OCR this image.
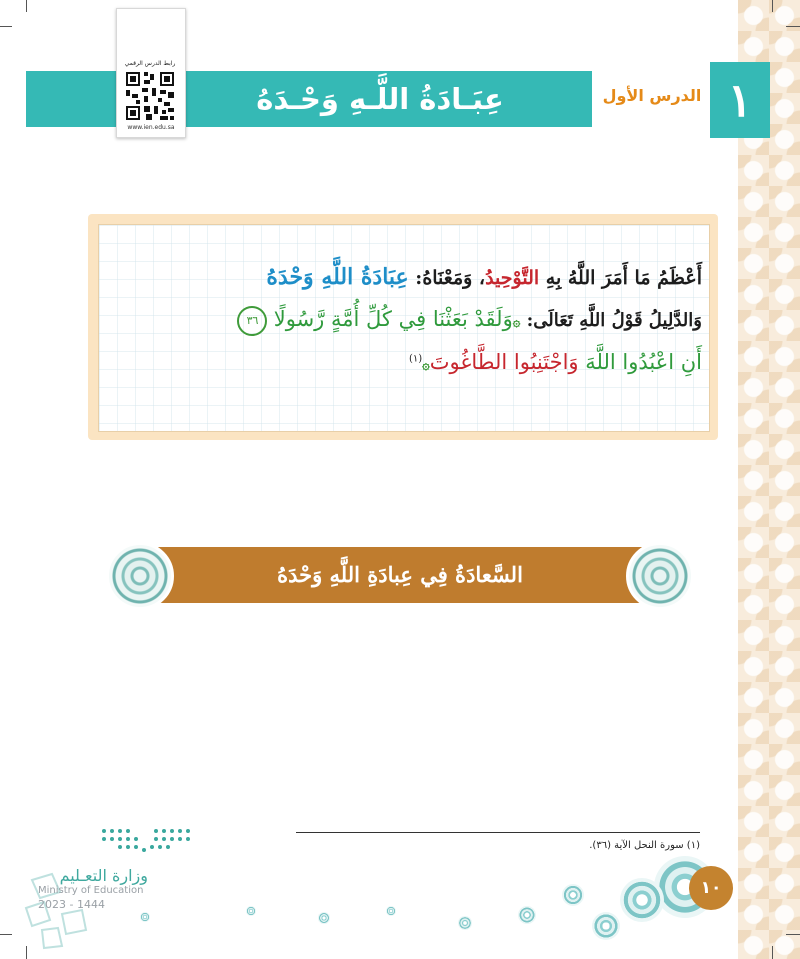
عِبَـادَةُ اللَّـهِ وَحْـدَهُ	الدرس الأول ١
رابط الدرس الرقمي
www.ien.edu.sa
أَعْظَمُ مَا أَمَرَ اللَّهُ بِهِ التَّوْحِيدُ، وَمَعْنَاهُ: عِبَادَةُ اللَّهِ وَحْدَهُ
وَالدَّلِيلُ قَوْلُ اللَّهِ تَعَالَى: ۞وَلَقَدْ بَعَثْنَا فِي كُلِّ أُمَّةٍ رَّسُولًا ٣٦
أَنِ اعْبُدُوا اللَّهَ وَاجْتَنِبُوا الطَّاغُوتَ۞$^{(١)}$
السَّعادَةُ فِي عِبادَةِ اللَّهِ وَحْدَهُ
(١) سورة النحل الآية (٣٦).
١٠
وزارة التعـليم
Ministry of Education
2023 - 1444
